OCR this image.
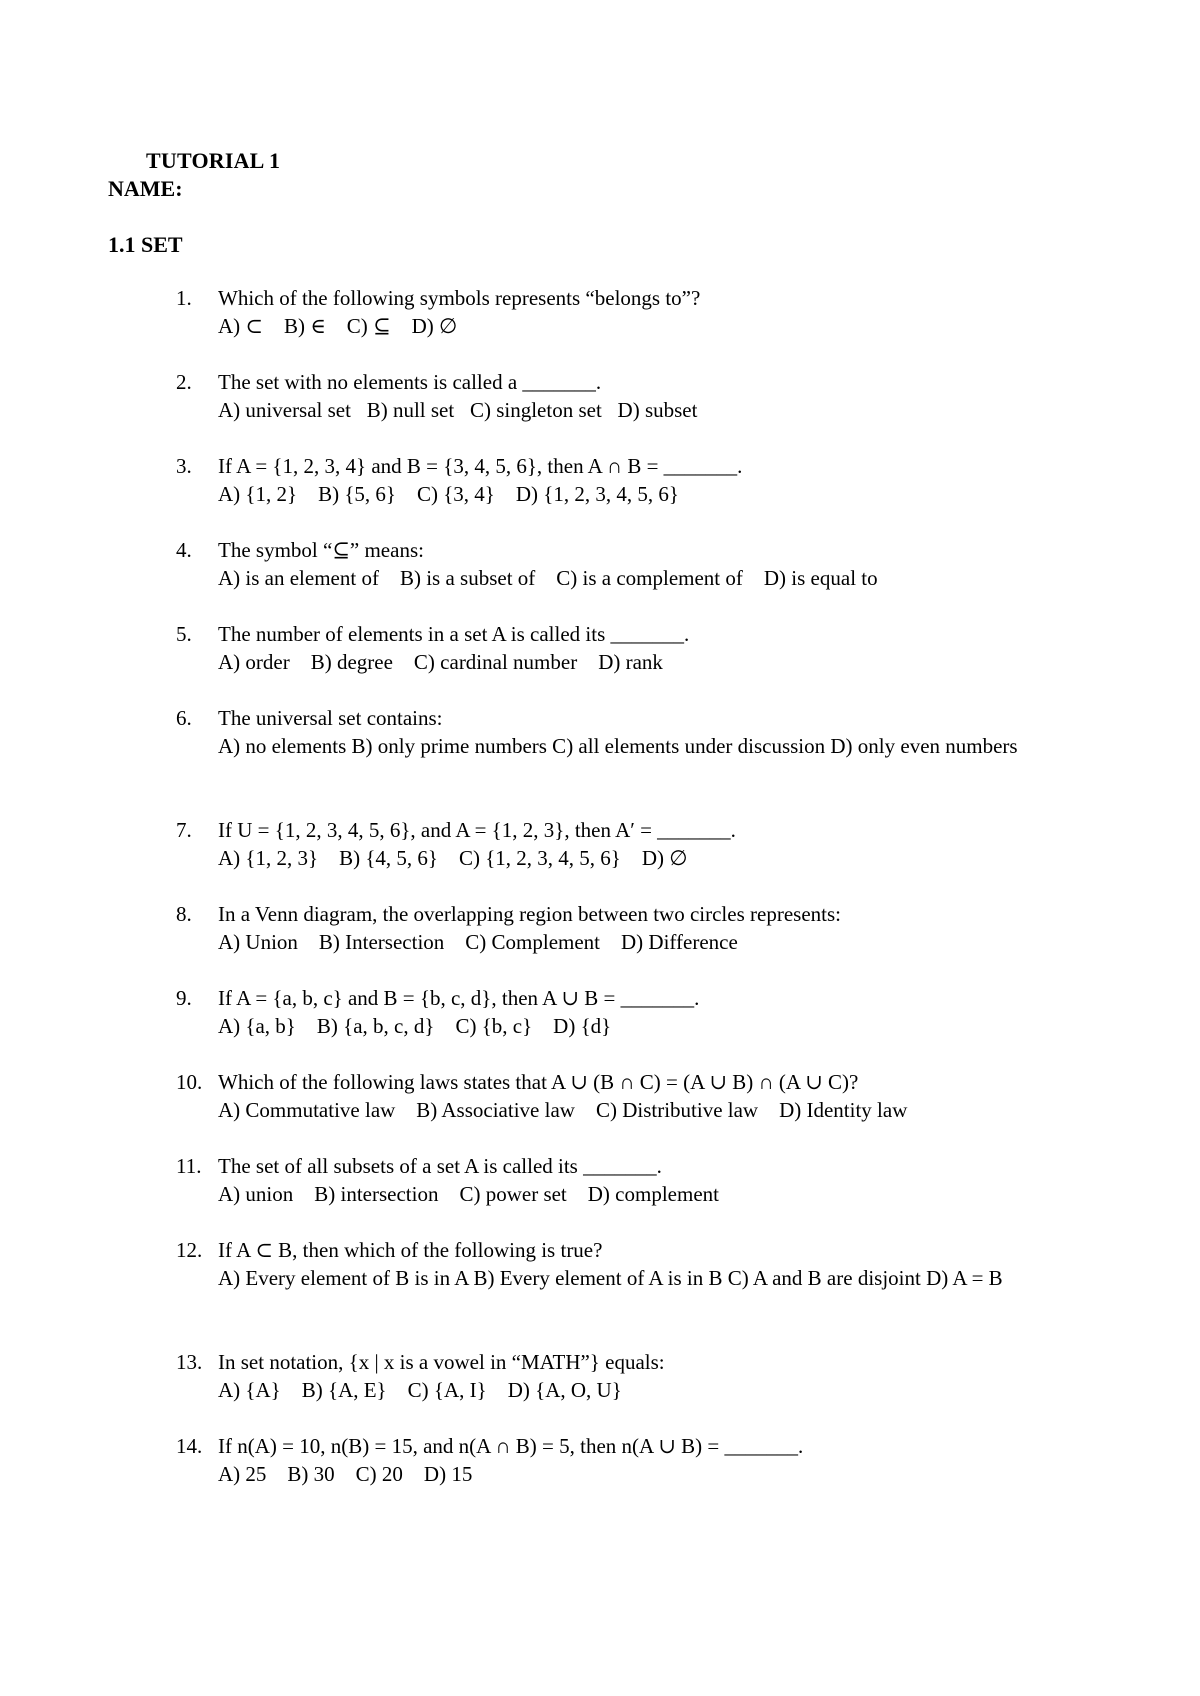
TUTORIAL 1
NAME:
1.1 SET
1.	Which of the following symbols represents “belongs to”?
A) ⊂    B) ∈    C) ⊆    D) ∅
2.	The set with no elements is called a _______.
A) universal set   B) null set   C) singleton set   D) subset
3.	If A = {1, 2, 3, 4} and B = {3, 4, 5, 6}, then A ∩ B = _______.
A) {1, 2}    B) {5, 6}    C) {3, 4}    D) {1, 2, 3, 4, 5, 6}
4.	The symbol “⊆” means:
A) is an element of    B) is a subset of    C) is a complement of    D) is equal to
5.	The number of elements in a set A is called its _______.
A) order    B) degree    C) cardinal number    D) rank
6.	The universal set contains:
A) no elements B) only prime numbers C) all elements under discussion D) only even numbers
7.	If U = {1, 2, 3, 4, 5, 6}, and A = {1, 2, 3}, then A′ = _______.
A) {1, 2, 3}    B) {4, 5, 6}    C) {1, 2, 3, 4, 5, 6}    D) ∅
8.	In a Venn diagram, the overlapping region between two circles represents:
A) Union    B) Intersection    C) Complement    D) Difference
9.	If A = {a, b, c} and B = {b, c, d}, then A ∪ B = _______.
A) {a, b}    B) {a, b, c, d}    C) {b, c}    D) {d}
10. Which of the following laws states that A ∪ (B ∩ C) = (A ∪ B) ∩ (A ∪ C)?
A) Commutative law    B) Associative law    C) Distributive law    D) Identity law
11. The set of all subsets of a set A is called its _______.
A) union    B) intersection    C) power set    D) complement
12. If A ⊂ B, then which of the following is true?
A) Every element of B is in A B) Every element of A is in B C) A and B are disjoint D) A = B
13. In set notation, {x | x is a vowel in “MATH”} equals:
A) {A}    B) {A, E}    C) {A, I}    D) {A, O, U}
14. If n(A) = 10, n(B) = 15, and n(A ∩ B) = 5, then n(A ∪ B) = _______.
A) 25    B) 30    C) 20    D) 15
